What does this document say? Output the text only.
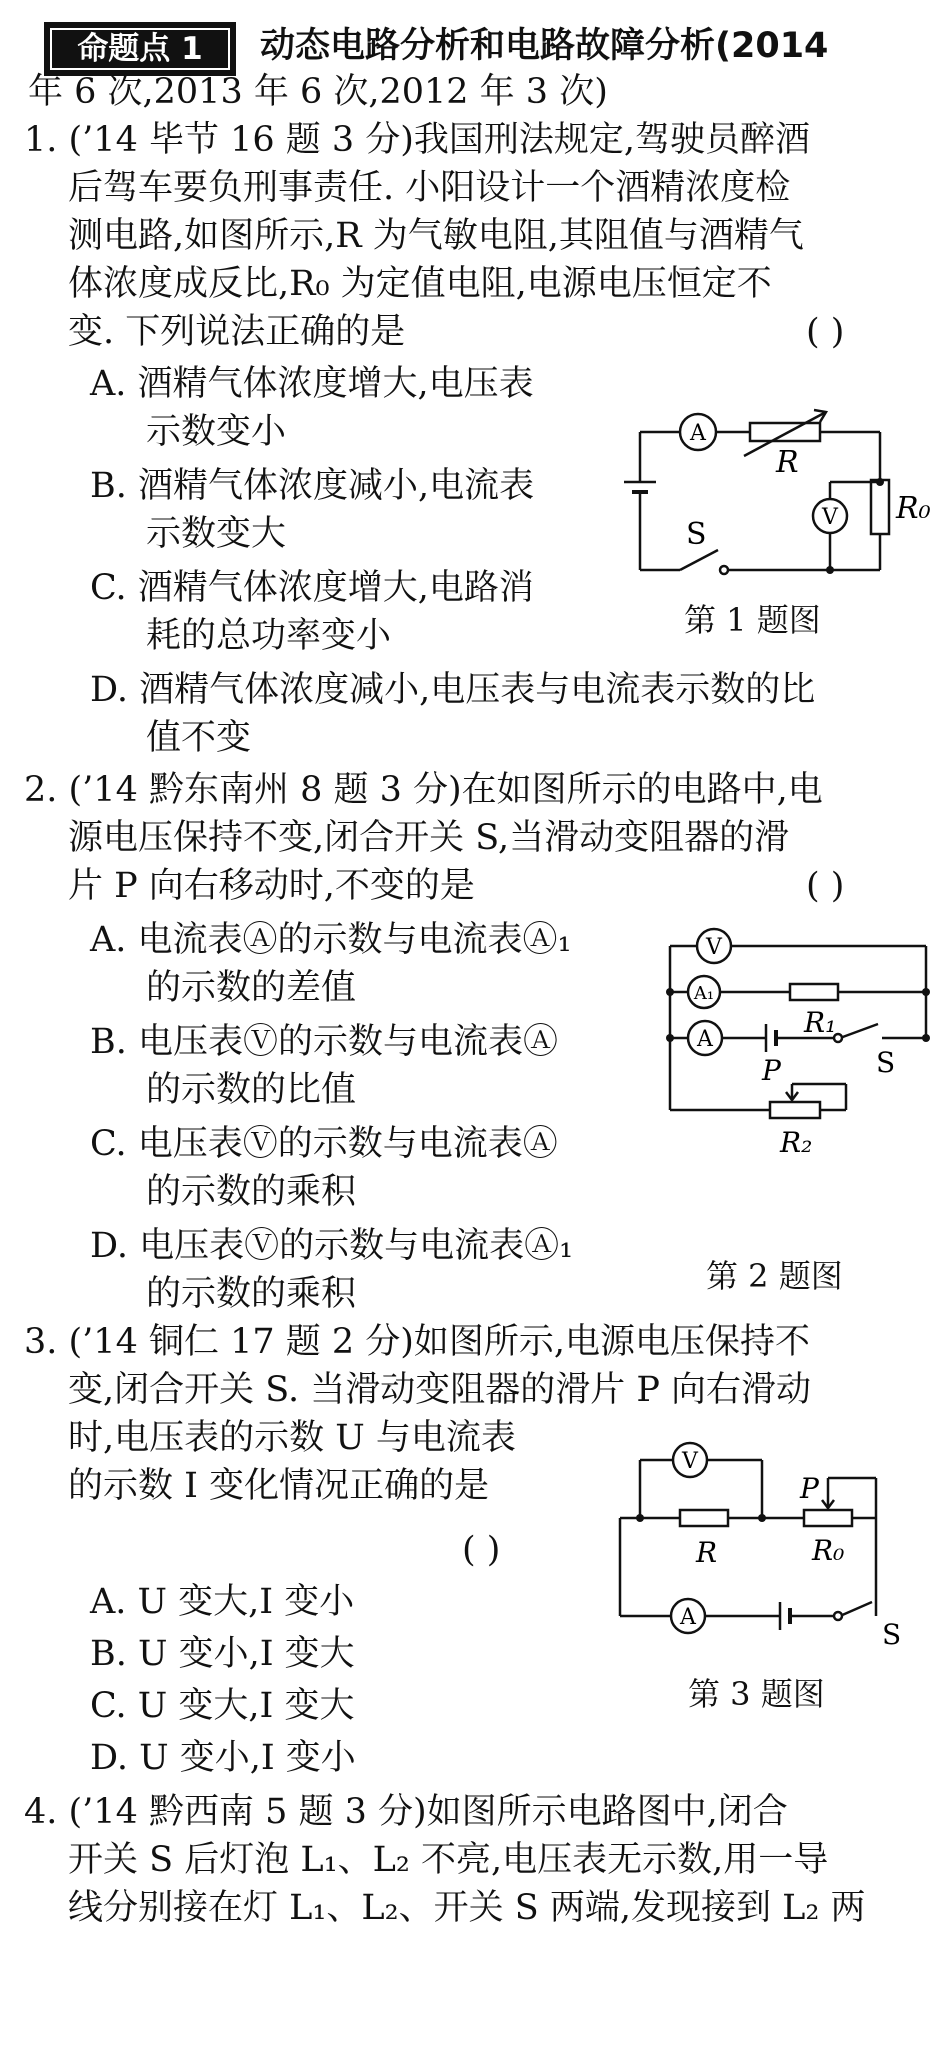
命题点 1	动态电路分析和电路故障分析(2014
年 6 次,2013 年 6 次,2012 年 3 次)
1. (’14 毕节 16 题 3 分)我国刑法规定,驾驶员醉酒
后驾车要负刑事责任. 小阳设计一个酒精浓度检
测电路,如图所示,R 为气敏电阻,其阻值与酒精气
体浓度成反比,R₀ 为定值电阻,电源电压恒定不
变. 下列说法正确的是	( )
A. 酒精气体浓度增大,电压表
示数变小
B. 酒精气体浓度减小,电流表
示数变大
C. 酒精气体浓度增大,电路消
耗的总功率变小
D. 酒精气体浓度减小,电压表与电流表示数的比
值不变
A
V
R
R₀
S
第 1 题图
2. (’14 黔东南州 8 题 3 分)在如图所示的电路中,电
源电压保持不变,闭合开关 S,当滑动变阻器的滑
片 P 向右移动时,不变的是	( )
A. 电流表Ⓐ的示数与电流表Ⓐ₁
的示数的差值
B. 电压表Ⓥ的示数与电流表Ⓐ
的示数的比值
C. 电压表Ⓥ的示数与电流表Ⓐ
的示数的乘积
D. 电压表Ⓥ的示数与电流表Ⓐ₁
的示数的乘积
V
A₁
A
R₁
S
P
R₂
第 2 题图
3. (’14 铜仁 17 题 2 分)如图所示,电源电压保持不
变,闭合开关 S. 当滑动变阻器的滑片 P 向右滑动
时,电压表的示数 U 与电流表
的示数 I 变化情况正确的是
( )
A. U 变大,I 变小
B. U 变小,I 变大
C. U 变大,I 变大
D. U 变小,I 变小
V
A
R	R₀
P
S
第 3 题图
4. (’14 黔西南 5 题 3 分)如图所示电路图中,闭合
开关 S 后灯泡 L₁、L₂ 不亮,电压表无示数,用一导
线分别接在灯 L₁、L₂、开关 S 两端,发现接到 L₂ 两
